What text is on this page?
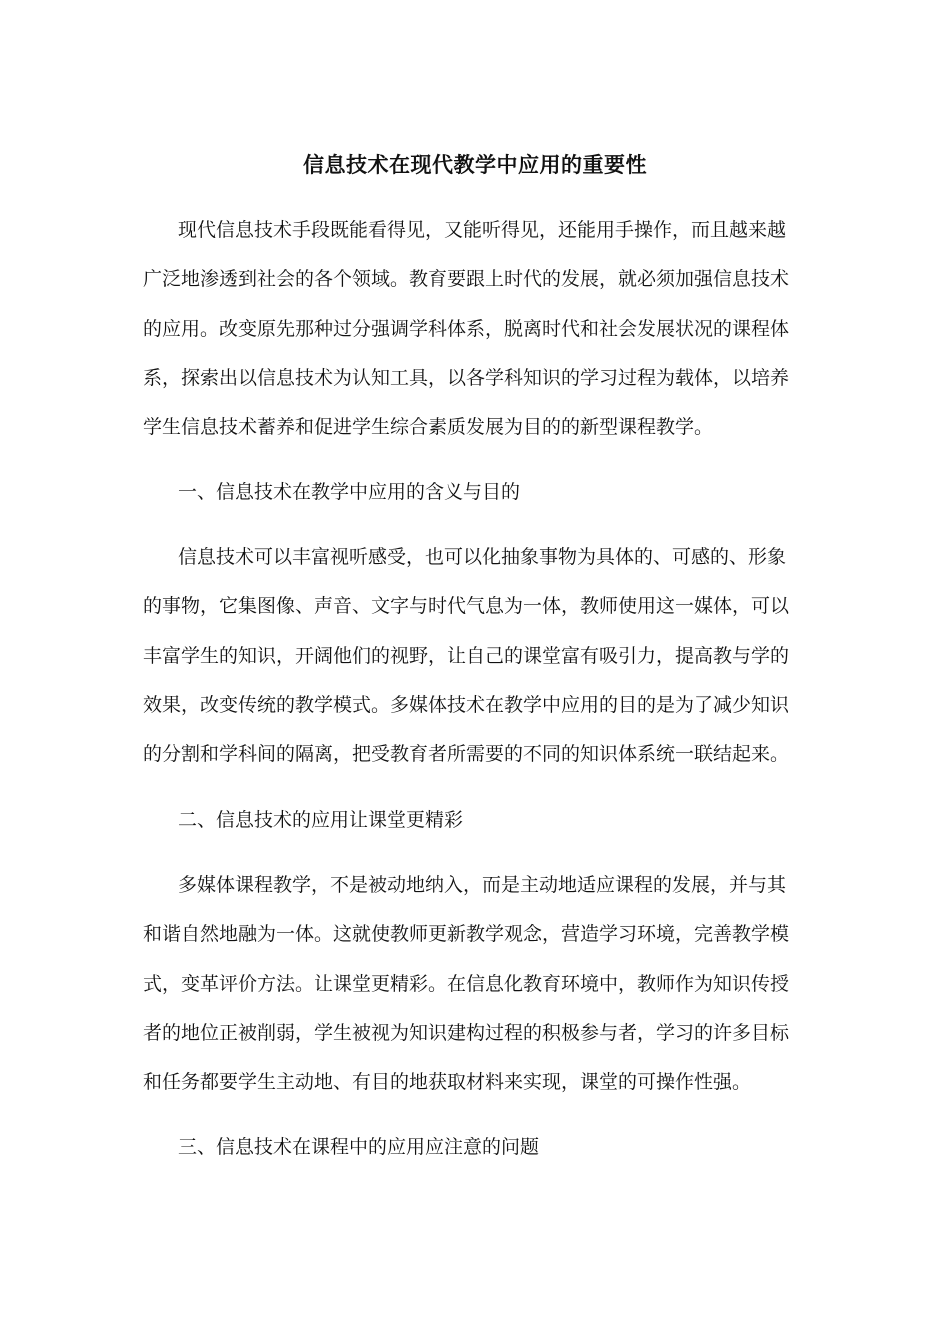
信息技术在现代教学中应用的重要性
现代信息技术手段既能看得见，又能听得见，还能用手操作，而且越来越
广泛地渗透到社会的各个领域。教育要跟上时代的发展，就必须加强信息技术
的应用。改变原先那种过分强调学科体系，脱离时代和社会发展状况的课程体
系，探索出以信息技术为认知工具，以各学科知识的学习过程为载体，以培养
学生信息技术蓄养和促进学生综合素质发展为目的的新型课程教学。
一、信息技术在教学中应用的含义与目的
信息技术可以丰富视听感受，也可以化抽象事物为具体的、可感的、形象
的事物，它集图像、声音、文字与时代气息为一体，教师使用这一媒体，可以
丰富学生的知识，开阔他们的视野，让自己的课堂富有吸引力，提高教与学的
效果，改变传统的教学模式。多媒体技术在教学中应用的目的是为了减少知识
的分割和学科间的隔离，把受教育者所需要的不同的知识体系统一联结起来。
二、信息技术的应用让课堂更精彩
多媒体课程教学，不是被动地纳入，而是主动地适应课程的发展，并与其
和谐自然地融为一体。这就使教师更新教学观念，营造学习环境，完善教学模
式，变革评价方法。让课堂更精彩。在信息化教育环境中，教师作为知识传授
者的地位正被削弱，学生被视为知识建构过程的积极参与者，学习的许多目标
和任务都要学生主动地、有目的地获取材料来实现，课堂的可操作性强。
三、信息技术在课程中的应用应注意的问题
